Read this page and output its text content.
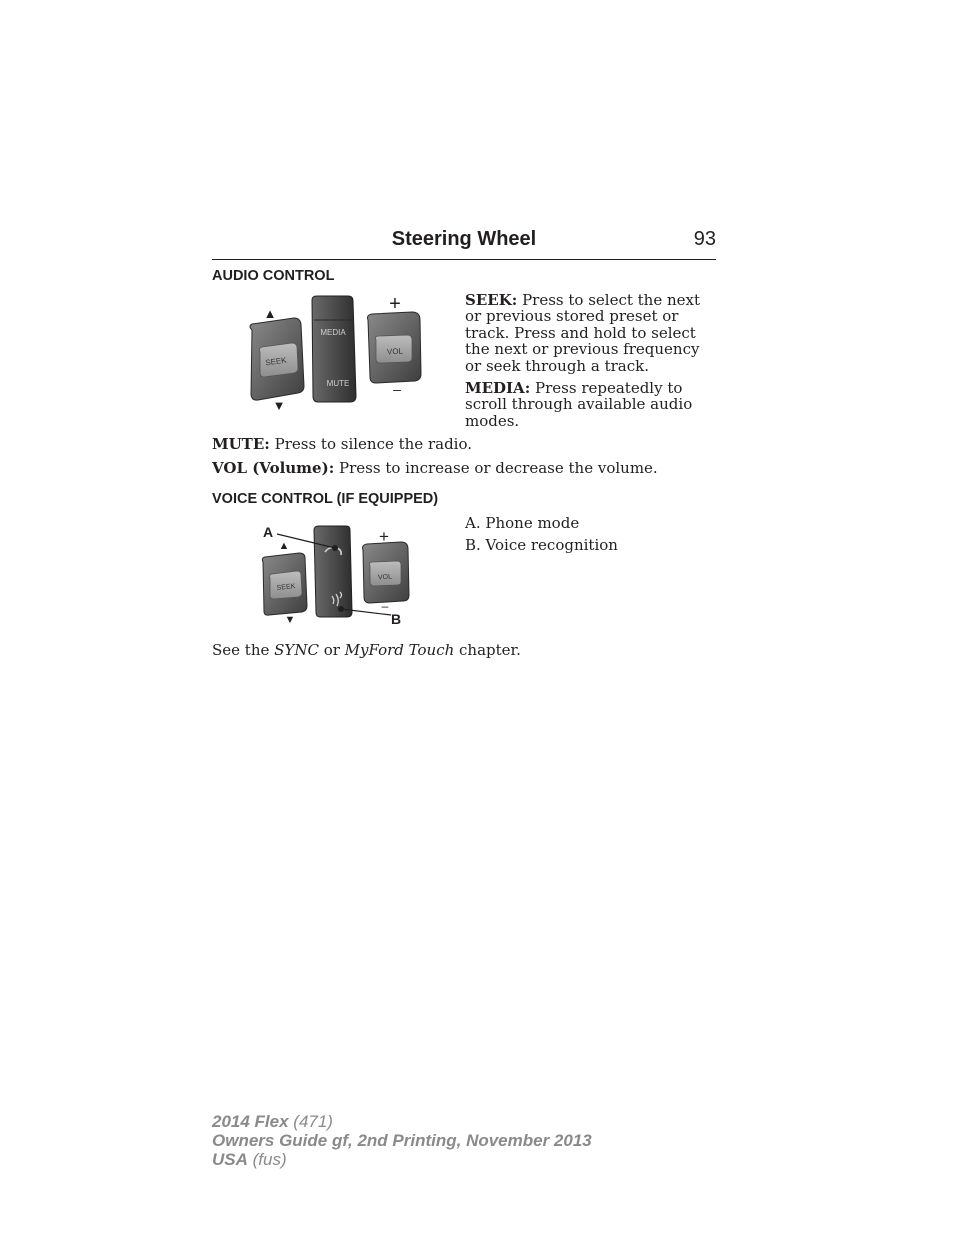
Steering Wheel	93
AUDIO CONTROL
SEEK
▲
▼
MEDIA
MUTE
VOL
+
–
SEEK: Press to select the next or previous stored preset or track. Press and hold to select the next or previous frequency or seek through a track.
MEDIA: Press repeatedly to scroll through available audio modes.
MUTE: Press to silence the radio.
VOL (Volume): Press to increase or decrease the volume.
VOICE CONTROL (IF EQUIPPED)
A
▲
▼
SEEK
B
VOL
+
–
A. Phone mode
B. Voice recognition
See the SYNC or MyFord Touch chapter.
2014 Flex (471)
Owners Guide gf, 2nd Printing, November 2013
USA (fus)
